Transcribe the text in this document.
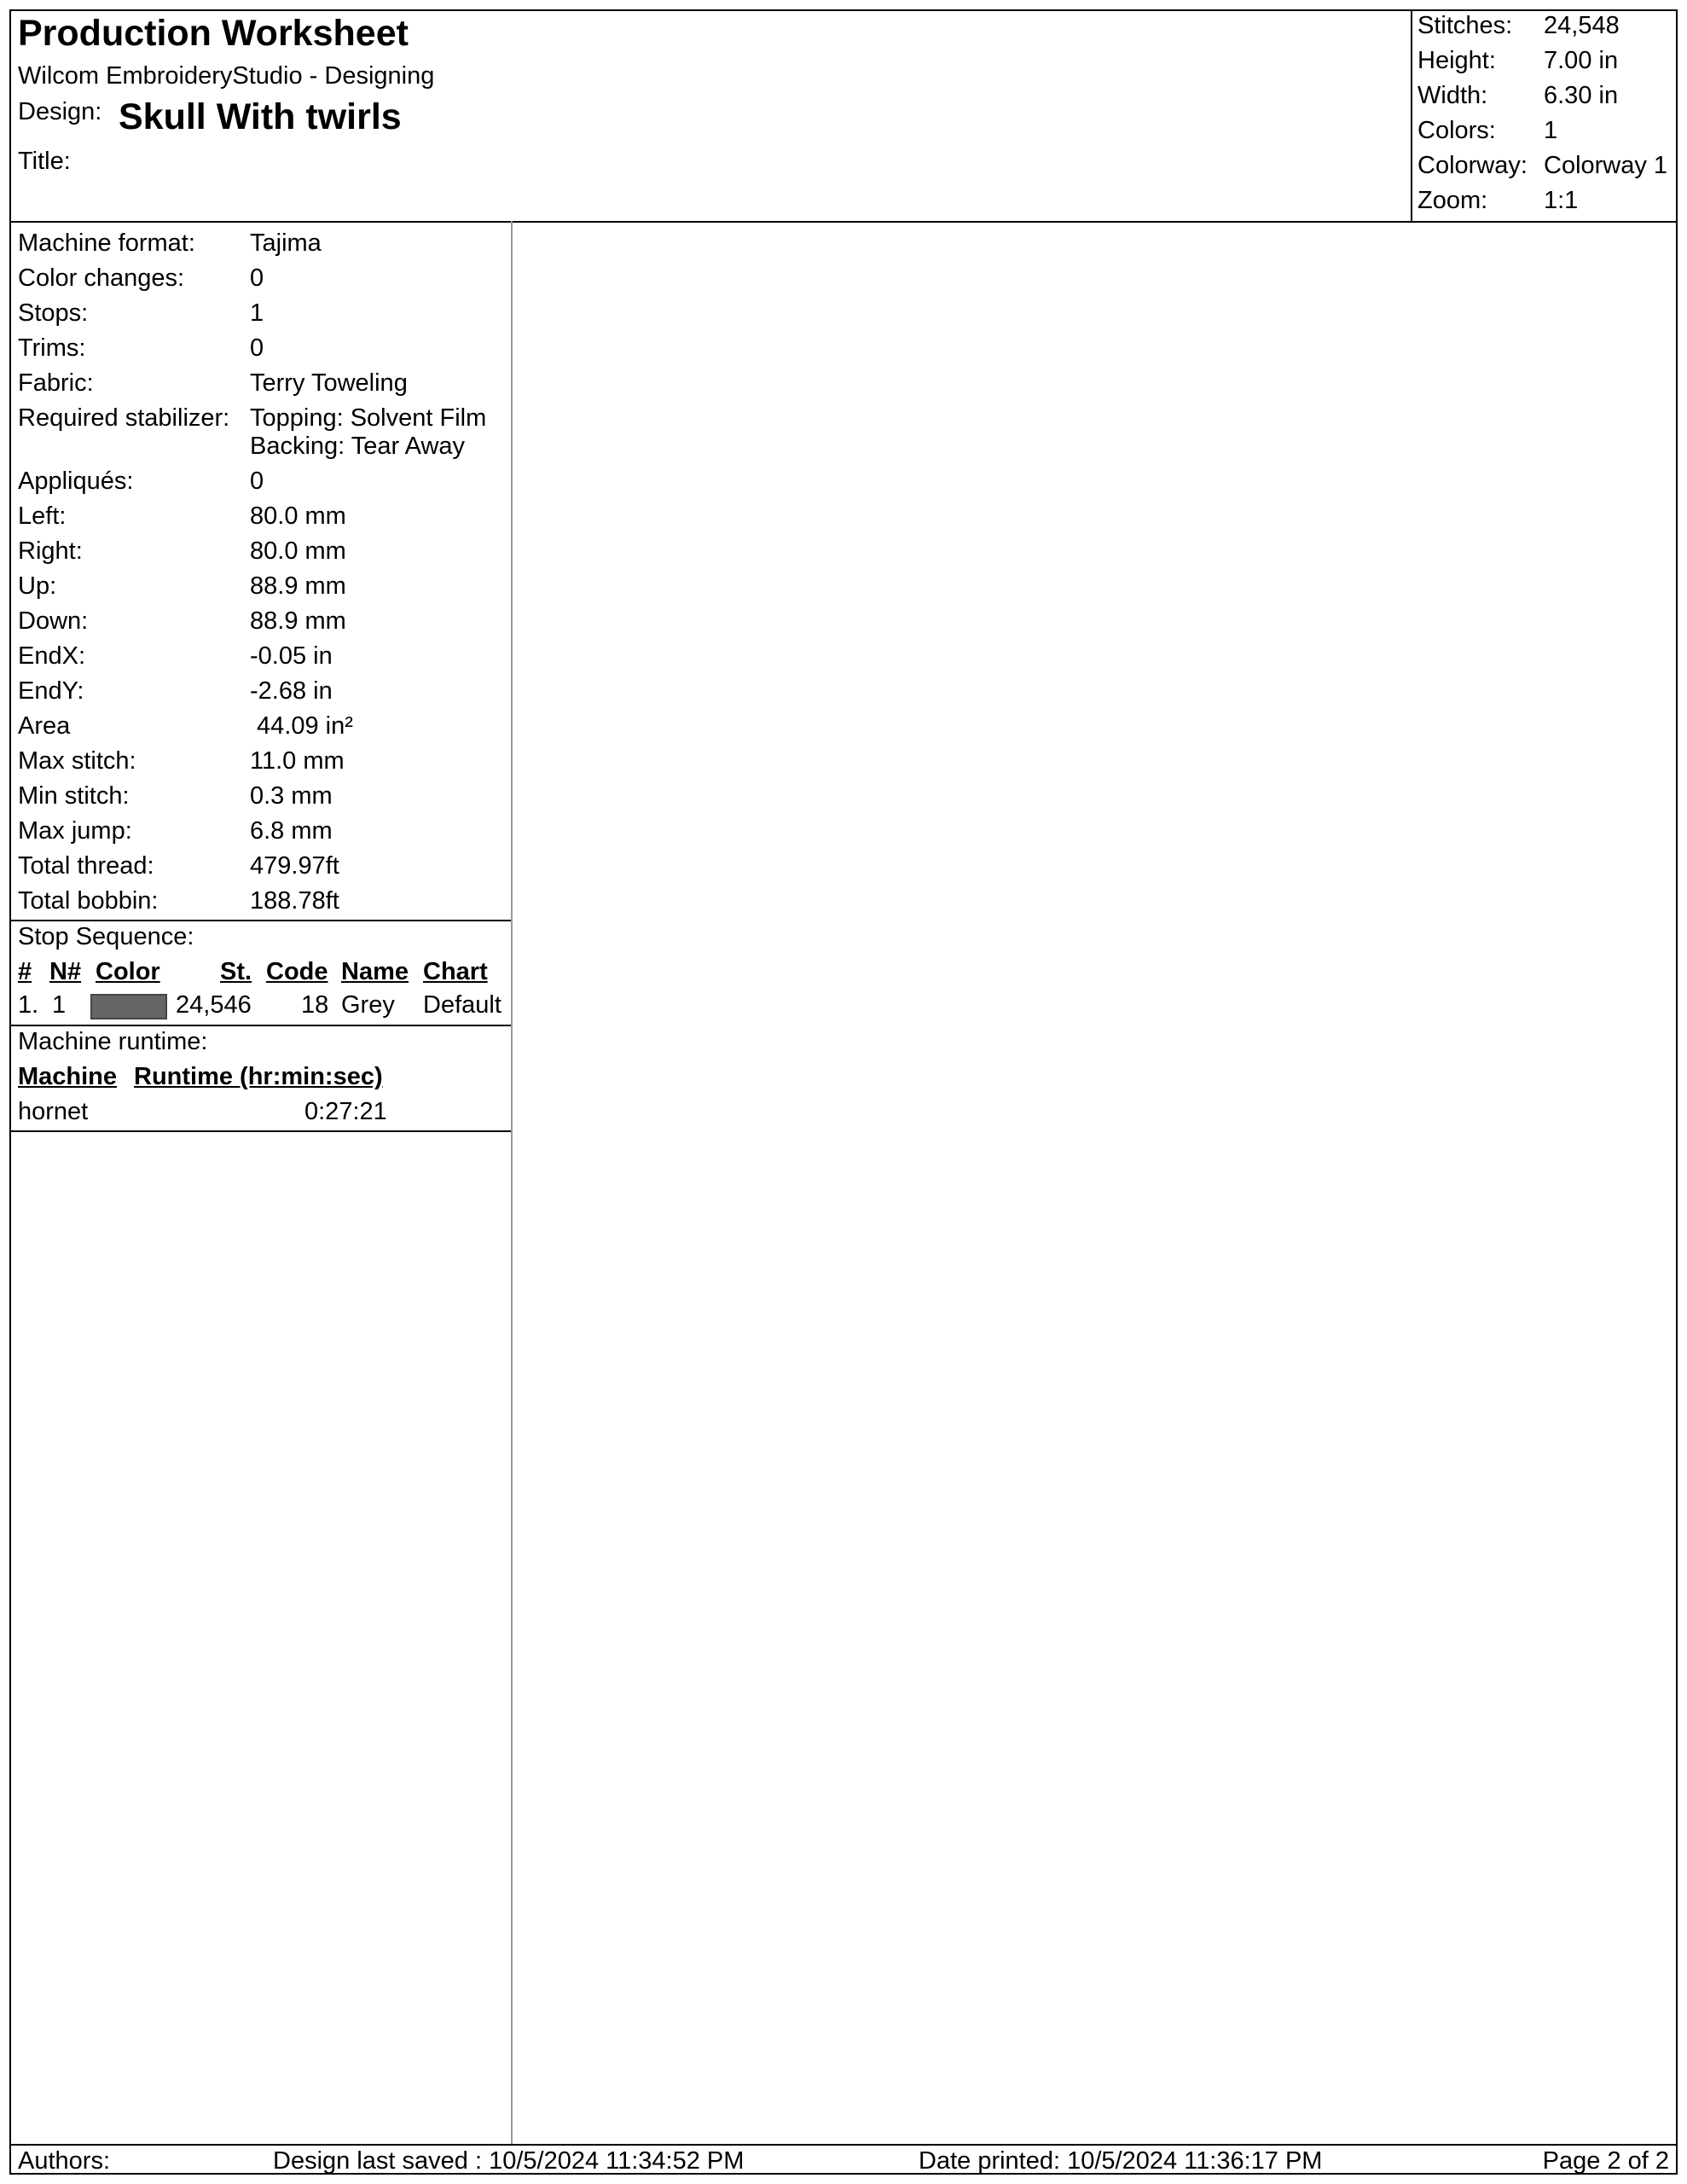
Production Worksheet
Wilcom EmbroideryStudio - Designing
Design: Skull With twirls
Title:
Stitches: 24,548
Height: 7.00 in
Width: 6.30 in
Colors: 1
Colorway: Colorway 1
Zoom: 1:1
Machine format: Tajima
Color changes:	0
Stops:	1
Trims:	0
Fabric:	Terry Toweling
Required stabilizer: Topping: Solvent Film
Backing: Tear Away
Appliqués:	0
Left:	80.0 mm
Right:	80.0 mm
Up:	88.9 mm
Down:	88.9 mm
EndX:	-0.05 in
EndY:	-2.68 in
Area	44.09 in²
Max stitch:	11.0 mm
Min stitch:	0.3 mm
Max jump:	6.8 mm
Total thread:	479.97ft
Total bobbin:	188.78ft
Stop Sequence:
# N# Color St. Code Name Chart
1. 1	24,546 18 Grey Default
Machine runtime:
Machine Runtime (hr:min:sec)
hornet	0:27:21
Authors:	Design last saved : 10/5/2024 11:34:52 PM	Date printed: 10/5/2024 11:36:17 PM	Page 2 of 2
